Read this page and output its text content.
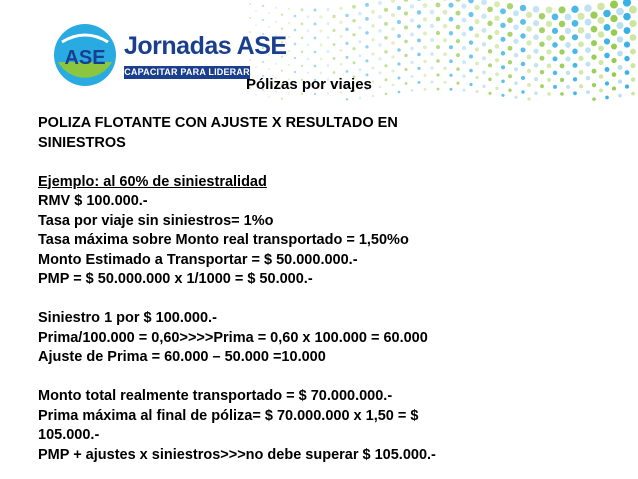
ASE Jornadas ASE
CAPACITAR PARA LIDERAR
Pólizas por viajes
POLIZA FLOTANTE CON AJUSTE X RESULTADO EN
SINIESTROS
Ejemplo: al 60% de siniestralidad
RMV $ 100.000.-
Tasa por viaje sin siniestros= 1%o
Tasa máxima sobre Monto real transportado = 1,50%o
Monto Estimado a Transportar = $ 50.000.000.-
PMP = $ 50.000.000 x 1/1000 = $ 50.000.-
Siniestro 1 por $ 100.000.-
Prima/100.000 = 0,60>>>>Prima = 0,60 x 100.000 = 60.000
Ajuste de Prima = 60.000 – 50.000 =10.000
Monto total realmente transportado = $ 70.000.000.-
Prima máxima al final de póliza= $ 70.000.000 x 1,50 = $
105.000.-
PMP + ajustes x siniestros>>>no debe superar $ 105.000.-
